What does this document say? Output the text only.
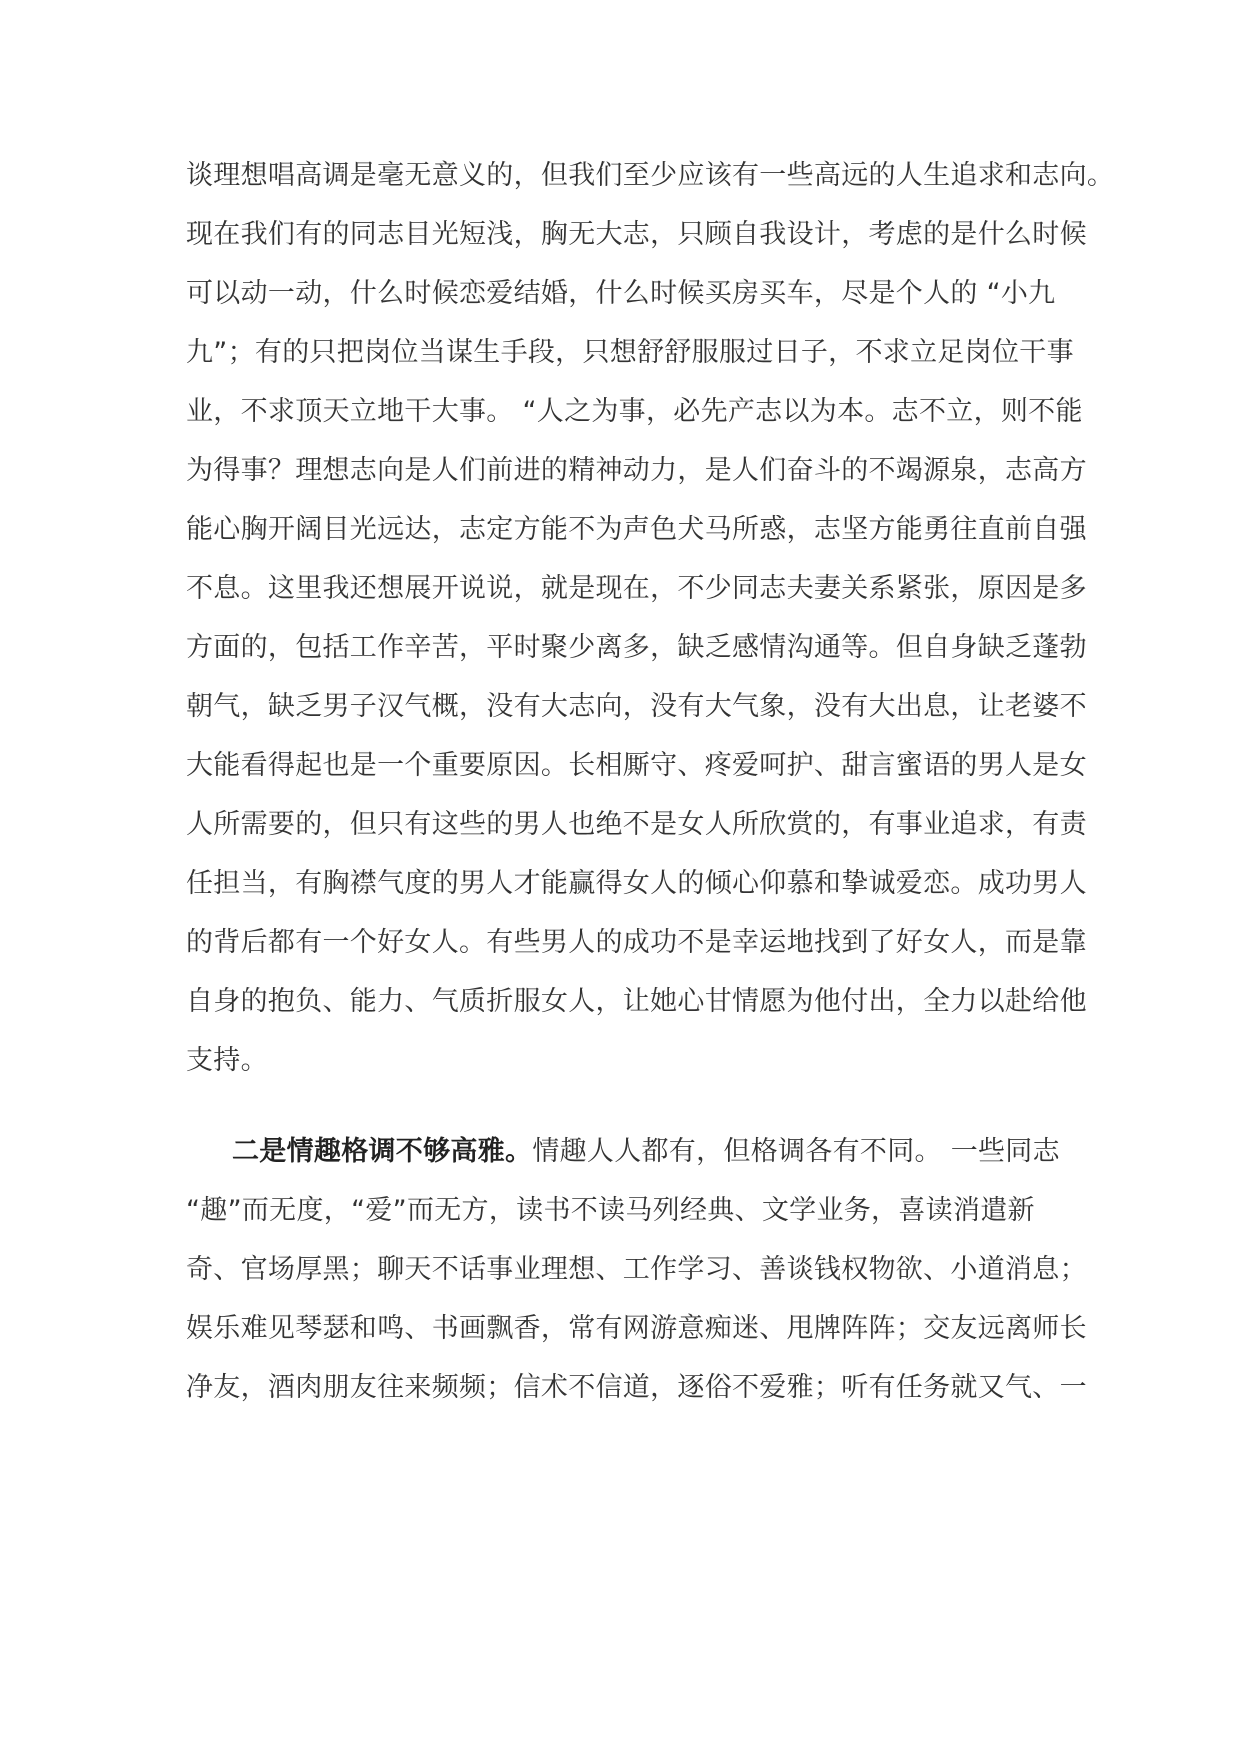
谈理想唱高调是毫无意义的，但我们至少应该有一些高远的人生追求和志向。
现在我们有的同志目光短浅，胸无大志，只顾自我设计，考虑的是什么时候
可以动一动，什么时候恋爱结婚，什么时候买房买车，尽是个人的 “小九
九”；有的只把岗位当谋生手段，只想舒舒服服过日子，不求立足岗位干事
业，不求顶天立地干大事。 “人之为事，必先产志以为本。志不立，则不能
为得事？理想志向是人们前进的精神动力，是人们奋斗的不竭源泉，志高方
能心胸开阔目光远达，志定方能不为声色犬马所惑，志坚方能勇往直前自强
不息。这里我还想展开说说，就是现在，不少同志夫妻关系紧张，原因是多
方面的，包括工作辛苦，平时聚少离多，缺乏感情沟通等。但自身缺乏蓬勃
朝气，缺乏男子汉气概，没有大志向，没有大气象，没有大出息，让老婆不
大能看得起也是一个重要原因。长相厮守、疼爱呵护、甜言蜜语的男人是女
人所需要的，但只有这些的男人也绝不是女人所欣赏的，有事业追求，有责
任担当，有胸襟气度的男人才能赢得女人的倾心仰慕和挚诚爱恋。成功男人
的背后都有一个好女人。有些男人的成功不是幸运地找到了好女人，而是靠
自身的抱负、能力、气质折服女人，让她心甘情愿为他付出，全力以赴给他
支持。
二是情趣格调不够高雅。情趣人人都有，但格调各有不同。 一些同志
“趣”而无度，“爱”而无方，读书不读马列经典、文学业务，喜读消遣新
奇、官场厚黑；聊天不话事业理想、工作学习、善谈钱权物欲、小道消息；
娱乐难见琴瑟和鸣、书画飘香，常有网游意痴迷、甩牌阵阵；交友远离师长
净友，酒肉朋友往来频频；信术不信道，逐俗不爱雅；听有任务就又气、一
